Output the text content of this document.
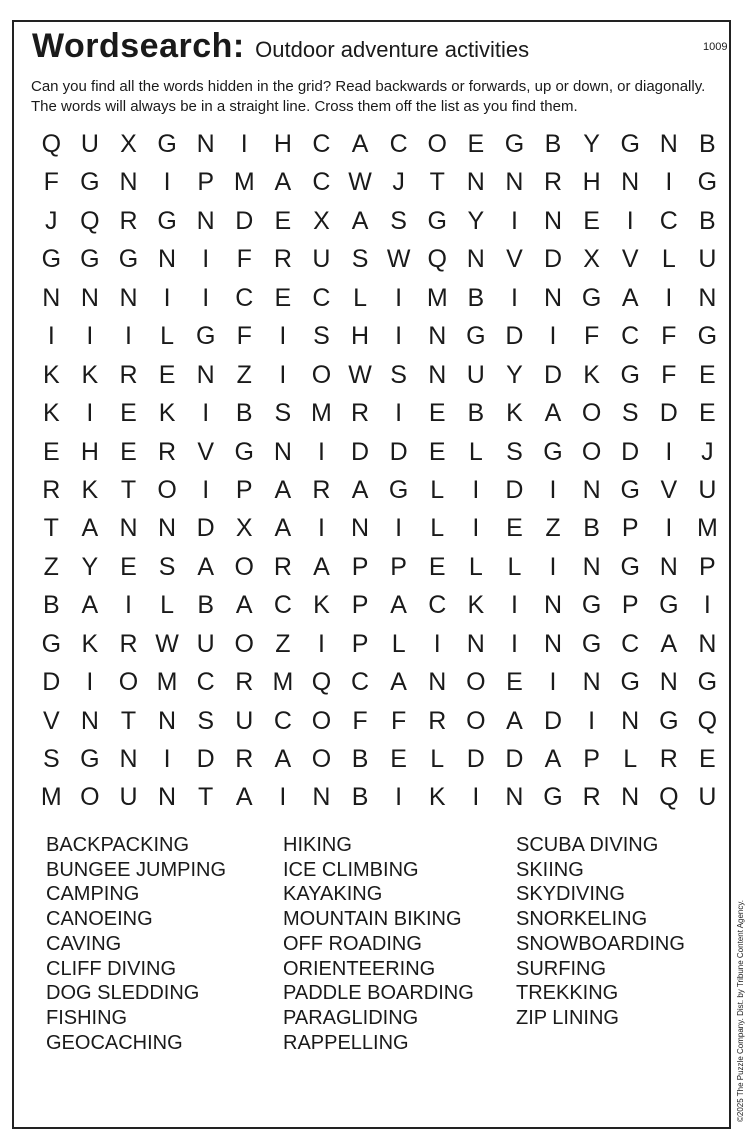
Wordsearch: Outdoor adventure activities	1009
Can you find all the words hidden in the grid? Read backwards or forwards, up or down, or diagonally. The words will always be in a straight line. Cross them off the list as you find them.
Q U X G N I H C A C O E G B Y G N B
F G N I P M A C W J T N N R H N I G
J Q R G N D E X A S G Y I N E I C B
G G G N I F R U S W Q N V D X V L U
N N N I I C E C L I M B I N G A I N
I I I L G F I S H I N G D I F C F G
K K R E N Z I O W S N U Y D K G F E
K I E K I B S M R I E B K A O S D E
E H E R V G N I D D E L S G O D I J
R K T O I P A R A G L I D I N G V U
T A N N D X A I N I L I E Z B P I M
Z Y E S A O R A P P E L L I N G N P
B A I L B A C K P A C K I N G P G I
G K R W U O Z I P L I N I N G C A N
D I O M C R M Q C A N O E I N G N G
V N T N S U C O F F R O A D I N G Q
S G N I D R A O B E L D D A P L R E
M O U N T A I N B I K I N G R N Q U
BACKPACKING
BUNGEE JUMPING
CAMPING
CANOEING
CAVING
CLIFF DIVING
DOG SLEDDING
FISHING
GEOCACHING
HIKING
ICE CLIMBING
KAYAKING
MOUNTAIN BIKING
OFF ROADING
ORIENTEERING
PADDLE BOARDING
PARAGLIDING
RAPPELLING
SCUBA DIVING
SKIING
SKYDIVING
SNORKELING
SNOWBOARDING
SURFING
TREKKING
ZIP LINING	©2025 The Puzzle Company. Dist. by Tribune Content Agency.
